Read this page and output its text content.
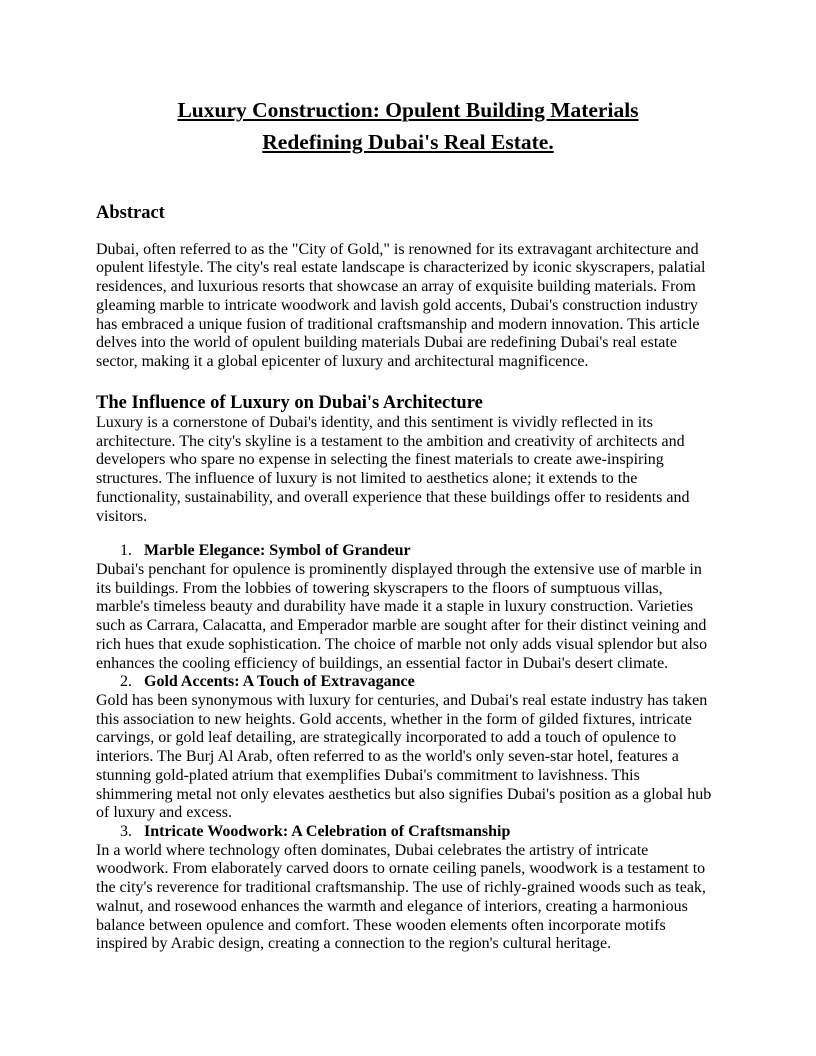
Luxury Construction: Opulent Building Materials
Redefining Dubai's Real Estate.
Abstract

Dubai, often referred to as the "City of Gold," is renowned for its extravagant architecture and opulent lifestyle. The city's real estate landscape is characterized by iconic skyscrapers, palatial residences, and luxurious resorts that showcase an array of exquisite building materials. From gleaming marble to intricate woodwork and lavish gold accents, Dubai's construction industry has embraced a unique fusion of traditional craftsmanship and modern innovation. This article delves into the world of opulent building materials Dubai are redefining Dubai's real estate sector, making it a global epicenter of luxury and architectural magnificence.

The Influence of Luxury on Dubai's Architecture

Luxury is a cornerstone of Dubai's identity, and this sentiment is vividly reflected in its architecture. The city's skyline is a testament to the ambition and creativity of architects and developers who spare no expense in selecting the finest materials to create awe-inspiring structures. The influence of luxury is not limited to aesthetics alone; it extends to the functionality, sustainability, and overall experience that these buildings offer to residents and visitors.

1. Marble Elegance: Symbol of Grandeur

Dubai's penchant for opulence is prominently displayed through the extensive use of marble in its buildings. From the lobbies of towering skyscrapers to the floors of sumptuous villas, marble's timeless beauty and durability have made it a staple in luxury construction. Varieties such as Carrara, Calacatta, and Emperador marble are sought after for their distinct veining and rich hues that exude sophistication. The choice of marble not only adds visual splendor but also enhances the cooling efficiency of buildings, an essential factor in Dubai's desert climate.

2. Gold Accents: A Touch of Extravagance

Gold has been synonymous with luxury for centuries, and Dubai's real estate industry has taken this association to new heights. Gold accents, whether in the form of gilded fixtures, intricate carvings, or gold leaf detailing, are strategically incorporated to add a touch of opulence to interiors. The Burj Al Arab, often referred to as the world's only seven-star hotel, features a stunning gold-plated atrium that exemplifies Dubai's commitment to lavishness. This shimmering metal not only elevates aesthetics but also signifies Dubai's position as a global hub of luxury and excess.

3. Intricate Woodwork: A Celebration of Craftsmanship

In a world where technology often dominates, Dubai celebrates the artistry of intricate woodwork. From elaborately carved doors to ornate ceiling panels, woodwork is a testament to the city's reverence for traditional craftsmanship. The use of richly-grained woods such as teak, walnut, and rosewood enhances the warmth and elegance of interiors, creating a harmonious balance between opulence and comfort. These wooden elements often incorporate motifs inspired by Arabic design, creating a connection to the region's cultural heritage.
